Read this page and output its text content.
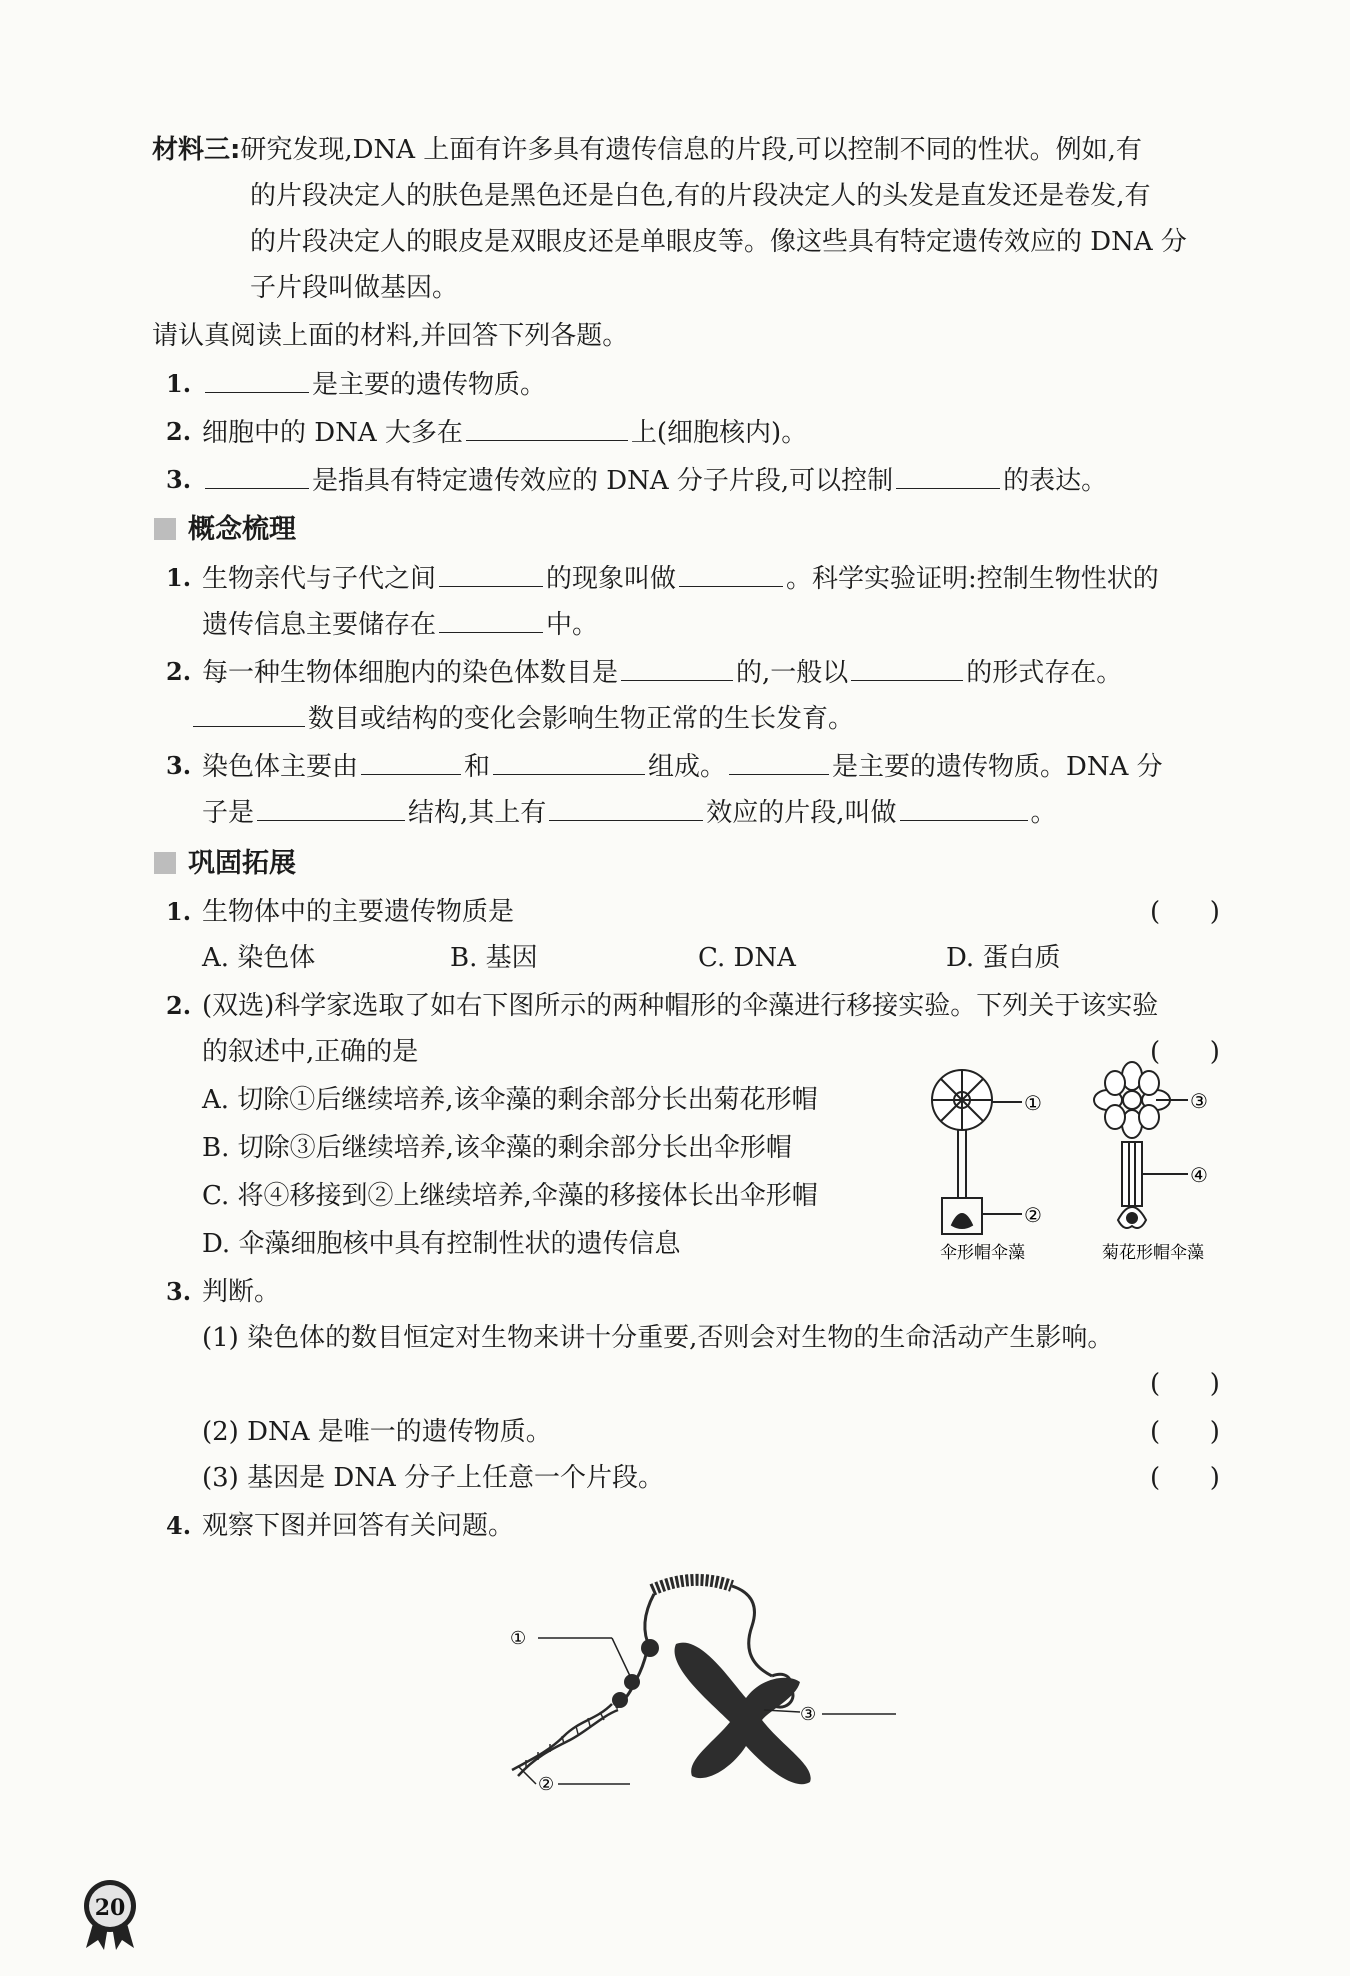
材料三:研究发现,DNA 上面有许多具有遗传信息的片段,可以控制不同的性状。例如,有
的片段决定人的肤色是黑色还是白色,有的片段决定人的头发是直发还是卷发,有
的片段决定人的眼皮是双眼皮还是单眼皮等。像这些具有特定遗传效应的 DNA 分
子片段叫做基因。
请认真阅读上面的材料,并回答下列各题。
1.	是主要的遗传物质。
2. 细胞中的 DNA 大多在	上(细胞核内)。
3.	是指具有特定遗传效应的 DNA 分子片段,可以控制	的表达。
概念梳理
1. 生物亲代与子代之间	的现象叫做	。科学实验证明:控制生物性状的
遗传信息主要储存在	中。
2. 每一种生物体细胞内的染色体数目是	的,一般以	的形式存在。
数目或结构的变化会影响生物正常的生长发育。
3. 染色体主要由	和	组成。	是主要的遗传物质。DNA 分
子是	结构,其上有	效应的片段,叫做	。
巩固拓展
1. 生物体中的主要遗传物质是	(      )
A. 染色体	B. 基因	C. DNA	D. 蛋白质
2. (双选)科学家选取了如右下图所示的两种帽形的伞藻进行移接实验。下列关于该实验
的叙述中,正确的是	(      )
A. 切除①后继续培养,该伞藻的剩余部分长出菊花形帽
B. 切除③后继续培养,该伞藻的剩余部分长出伞形帽
C. 将④移接到②上继续培养,伞藻的移接体长出伞形帽
D. 伞藻细胞核中具有控制性状的遗传信息
①
②
③
④
伞形帽伞藻	菊花形帽伞藻
3. 判断。
(1) 染色体的数目恒定对生物来讲十分重要,否则会对生物的生命活动产生影响。
(      )
(2) DNA 是唯一的遗传物质。	(      )
(3) 基因是 DNA 分子上任意一个片段。	(      )
4. 观察下图并回答有关问题。
①
②
③
20
